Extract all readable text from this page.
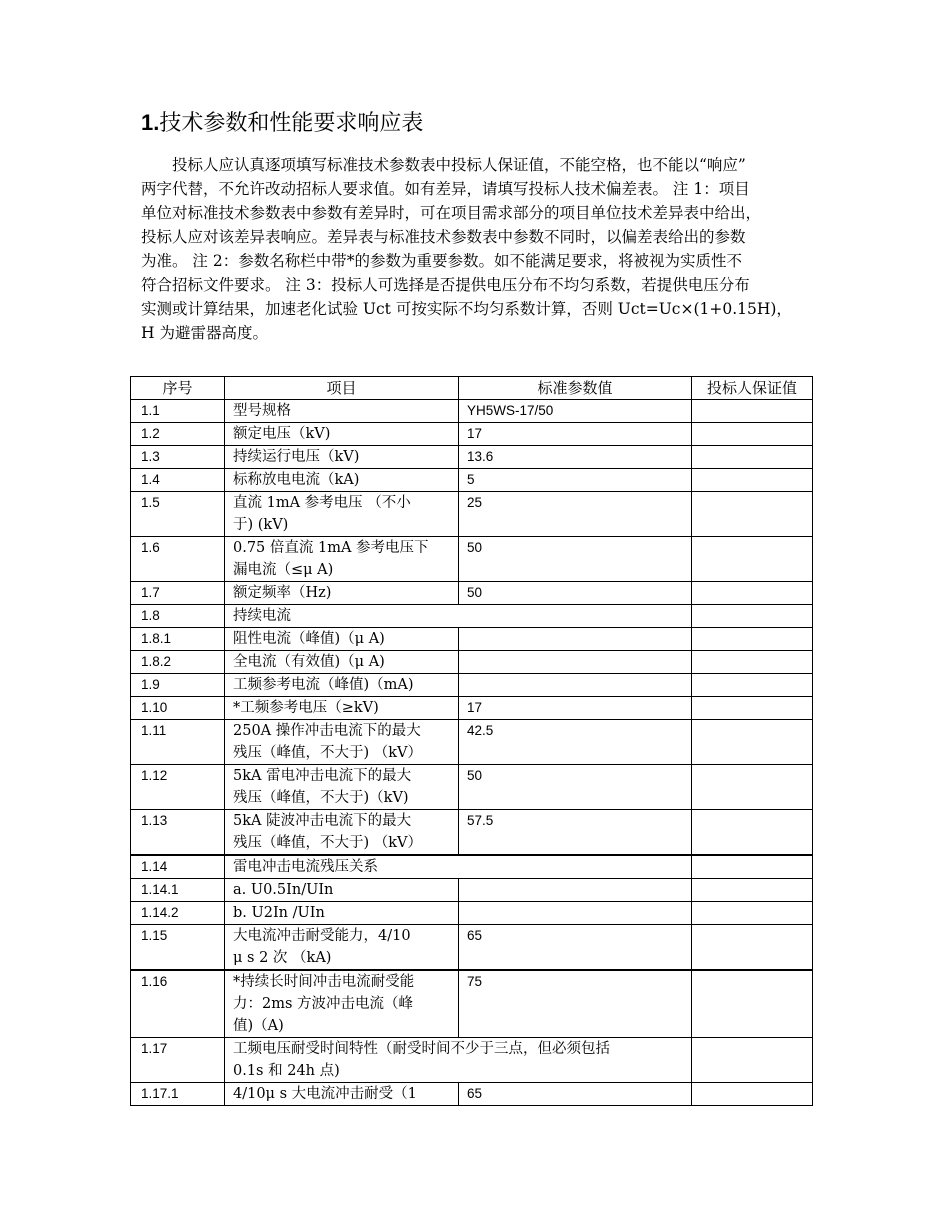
1.技术参数和性能要求响应表
投标人应认真逐项填写标准技术参数表中投标人保证值，不能空格，也不能以“响应”
两字代替，不允许改动招标人要求值。如有差异，请填写投标人技术偏差表。 注 1：项目
单位对标准技术参数表中参数有差异时，可在项目需求部分的项目单位技术差异表中给出，
投标人应对该差异表响应。差异表与标准技术参数表中参数不同时，以偏差表给出的参数
为准。 注 2：参数名称栏中带*的参数为重要参数。如不能满足要求，将被视为实质性不
符合招标文件要求。 注 3：投标人可选择是否提供电压分布不均匀系数，若提供电压分布
实测或计算结果，加速老化试验 Uct 可按实际不均匀系数计算，否则 Uct=Uc×(1+0.15H)，
H 为避雷器高度。
序号	项目	标准参数值	投标人保证值
1.1	型号规格	YH5WS-17/50	
1.2	额定电压（kV)	17	
1.3	持续运行电压（kV)	13.6	
1.4	标称放电电流（kA)	5	
1.5	直流 1mA 参考电压 （不小
于) (kV)	25	
1.6	0.75 倍直流 1mA 参考电压下
漏电流（≤μ A)	50	
1.7	额定频率（Hz)	50	
1.8	持续电流		
1.8.1	阻性电流（峰值)（μ A)		
1.8.2	全电流（有效值)（μ A)		
1.9	工频参考电流（峰值)（mA)		
1.10	*工频参考电压（≥kV)	17	
1.11	250A 操作冲击电流下的最大
残压（峰值，不大于) （kV）	42.5	
1.12	5kA 雷电冲击电流下的最大
残压（峰值，不大于)（kV)	50	
1.13	5kA 陡波冲击电流下的最大
残压（峰值，不大于) （kV）	57.5	
1.14	雷电冲击电流残压关系		
1.14.1	a. U0.5In/UIn		
1.14.2	b. U2In /UIn		
1.15	大电流冲击耐受能力，4/10
μ s 2 次 （kA)	65	
1.16	*持续长时间冲击电流耐受能
力：2ms 方波冲击电流（峰
值)（A)	75	
1.17	工频电压耐受时间特性（耐受时间不少于三点，但必须包括
0.1s 和 24h 点)		
1.17.1	4/10μ s 大电流冲击耐受（1	65	
